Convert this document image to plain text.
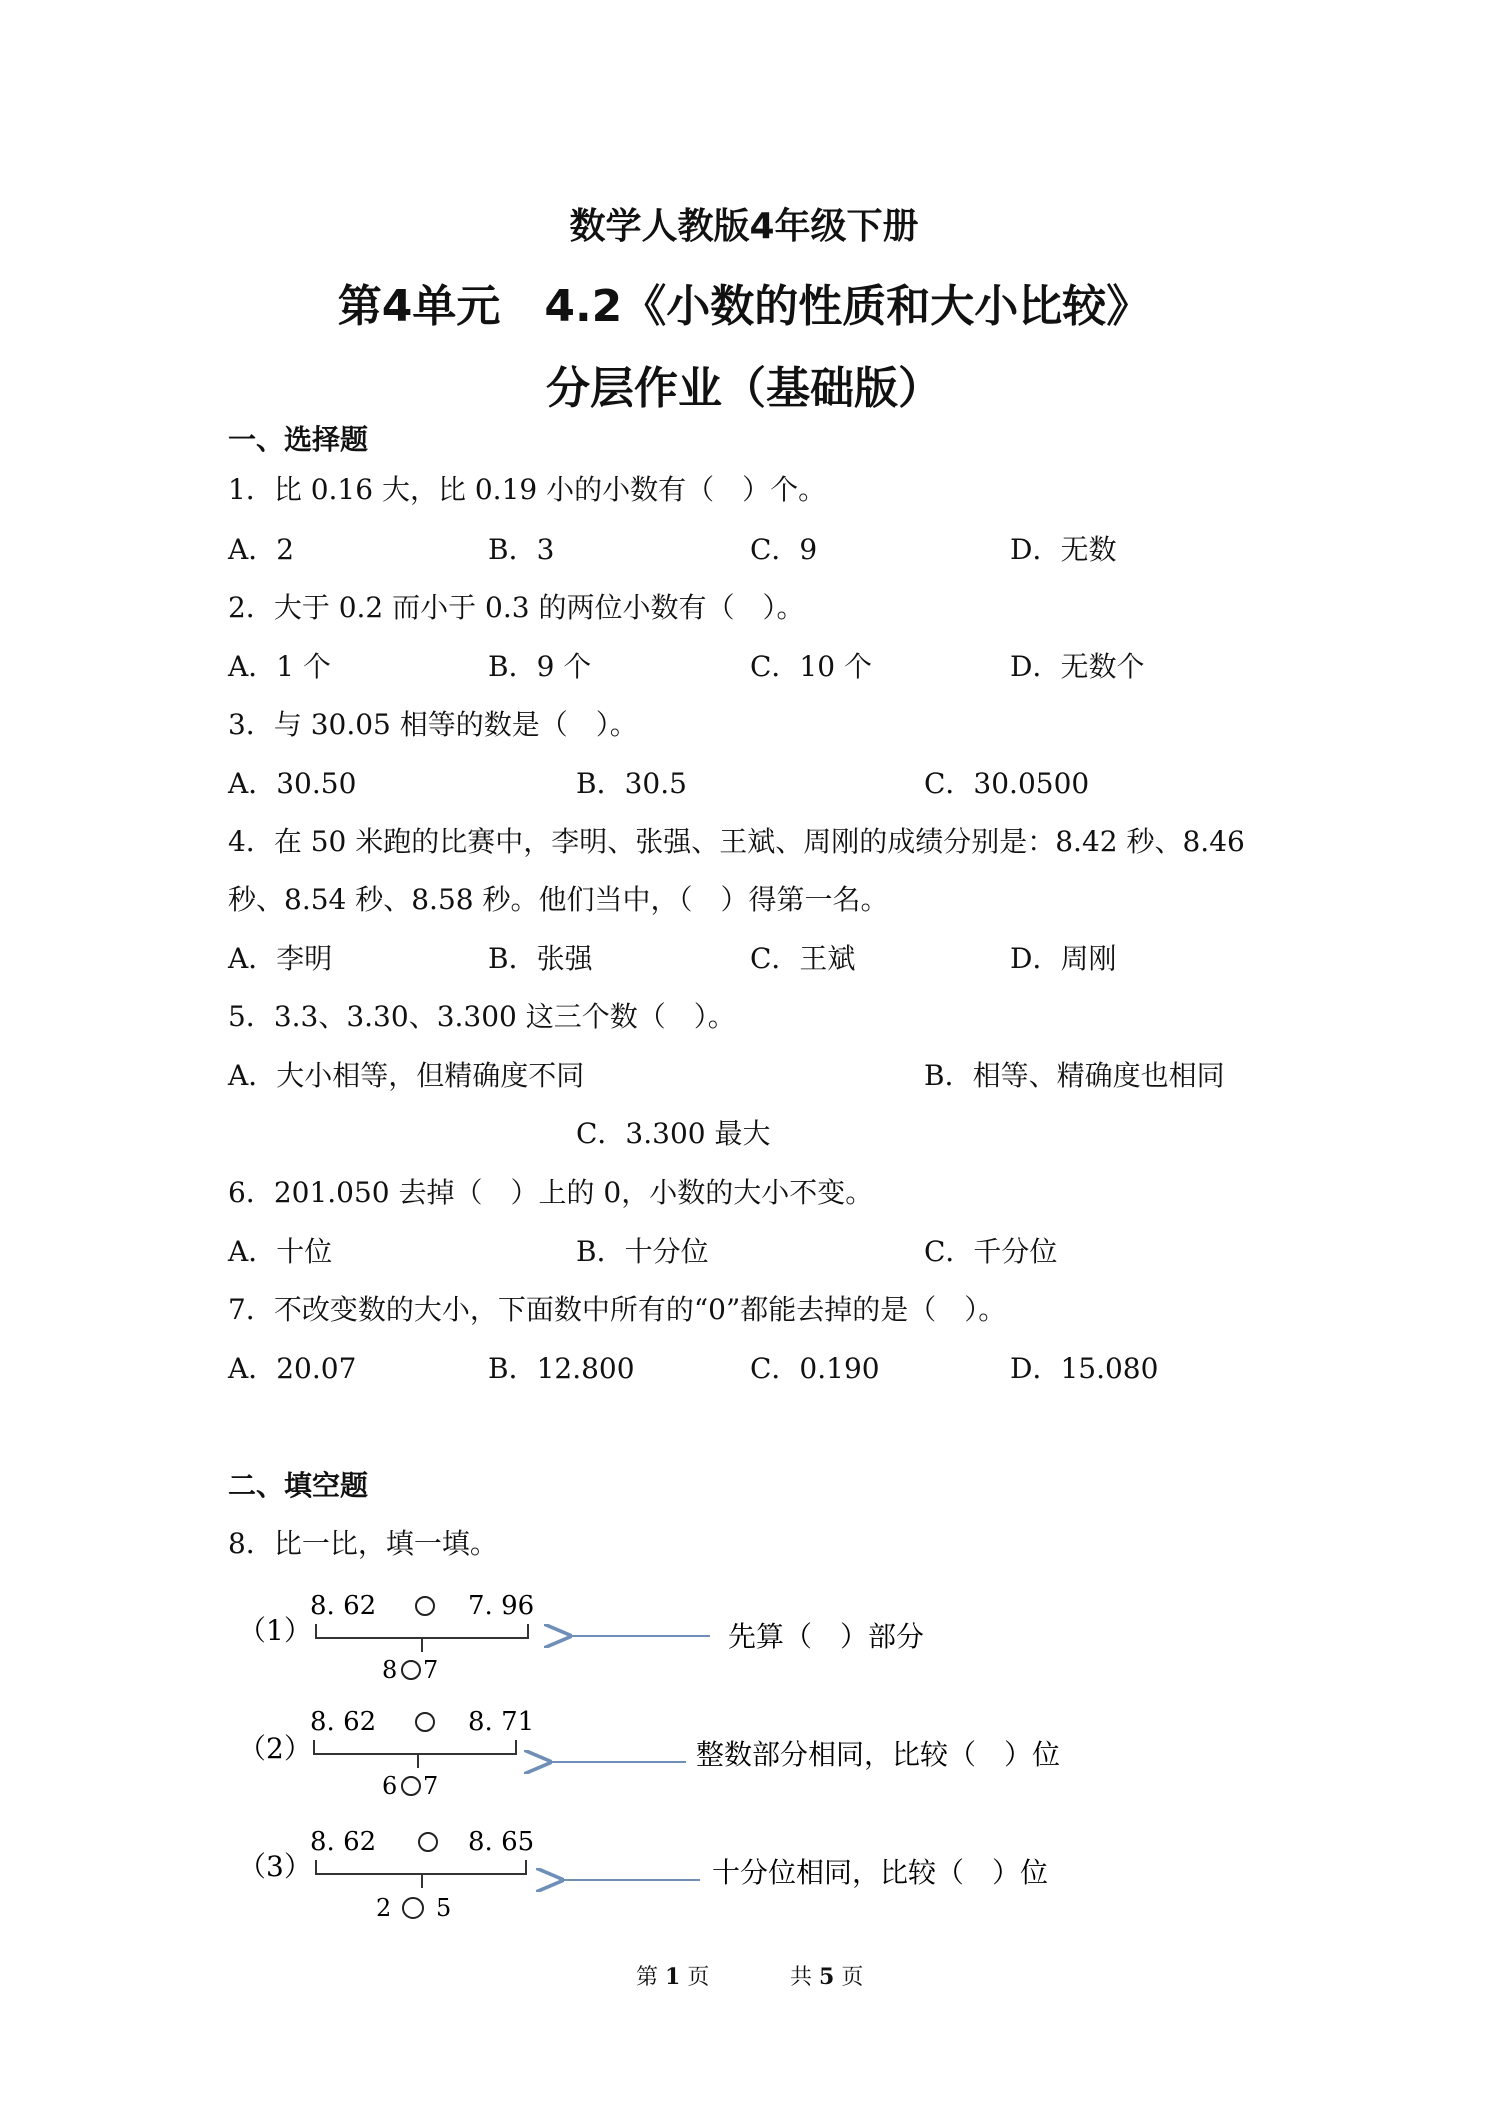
数学人教版4年级下册
第4单元　4.2《小数的性质和大小比较》
分层作业（基础版）
一、选择题
1．比 0.16 大，比 0.19 小的小数有（　）个。
A．2	B．3	C．9	D．无数
2．大于 0.2 而小于 0.3 的两位小数有（　）。
A．1 个	B．9 个	C．10 个	D．无数个
3．与 30.05 相等的数是（　）。
A．30.50	B．30.5	C．30.0500
4．在 50 米跑的比赛中，李明、张强、王斌、周刚的成绩分别是：8.42 秒、8.46
秒、8.54 秒、8.58 秒。他们当中，（　）得第一名。
A．李明	B．张强	C．王斌	D．周刚
5．3.3、3.30、3.300 这三个数（　）。
A．大小相等，但精确度不同	B．相等、精确度也相同
C．3.300 最大
6．201.050 去掉（　）上的 0，小数的大小不变。
A．十位	B．十分位	C．千分位
7．不改变数的大小，下面数中所有的“0”都能去掉的是（　）。
A．20.07	B．12.800	C．0.190	D．15.080
二、填空题
8．比一比，填一填。
（1）
8. 62	7. 96
8 7
先算（　）部分
（2）
8. 62	8. 71
6 7
整数部分相同，比较（　）位
（3）
8. 62	8. 65
2 5
十分位相同，比较（　）位
第 1 页	共 5 页
